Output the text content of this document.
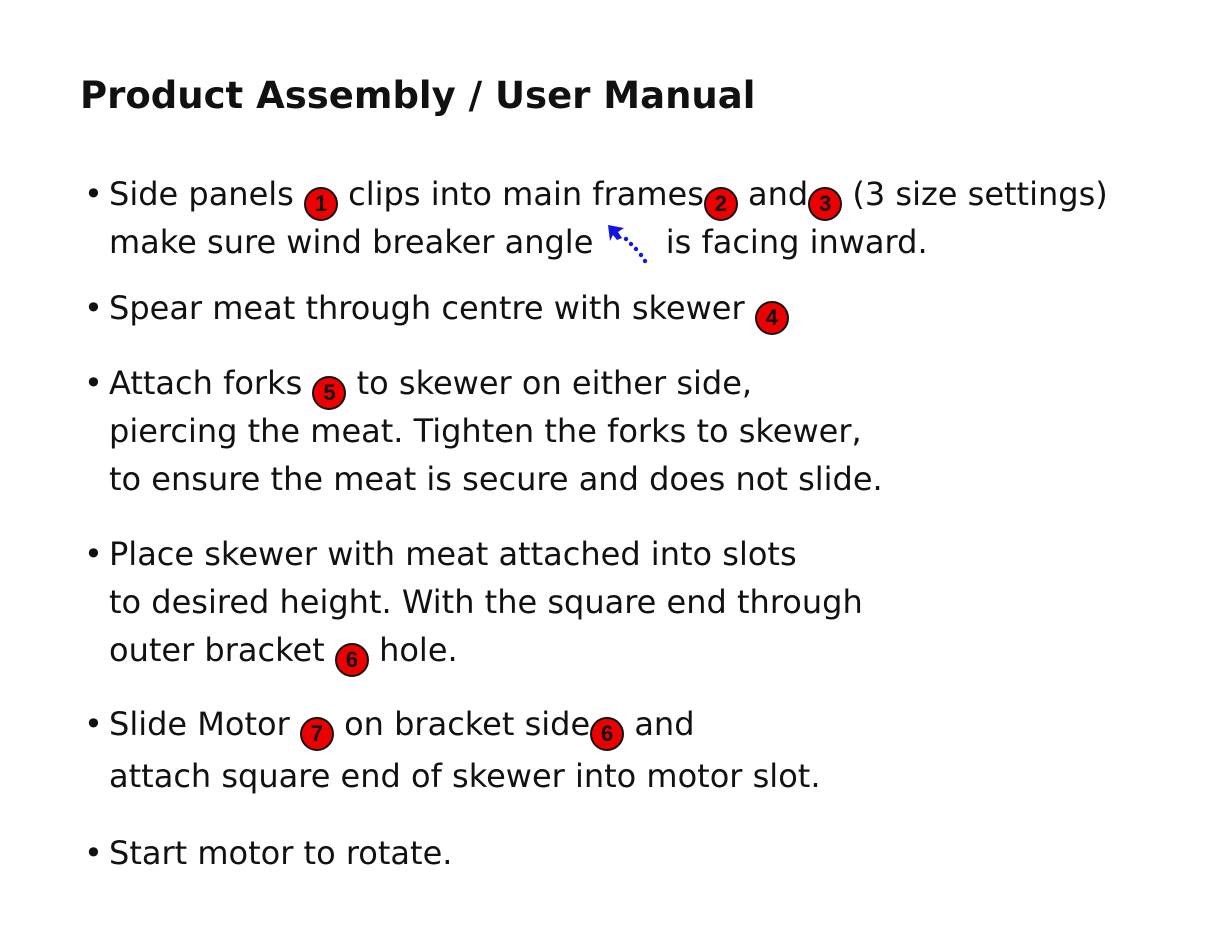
Product Assembly / User Manual
• Side panels 1 clips into main frames 2 and 3 (3 size settings)
make sure wind breaker angle
is facing inward.
• Spear meat through centre with skewer 4
• Attach forks 5 to skewer on either side,
piercing the meat. Tighten the forks to skewer,
to ensure the meat is secure and does not slide.
• Place skewer with meat attached into slots
to desired height. With the square end through
outer bracket 6 hole.
• Slide Motor 7 on bracket side 6 and
attach square end of skewer into motor slot.
• Start motor to rotate.
